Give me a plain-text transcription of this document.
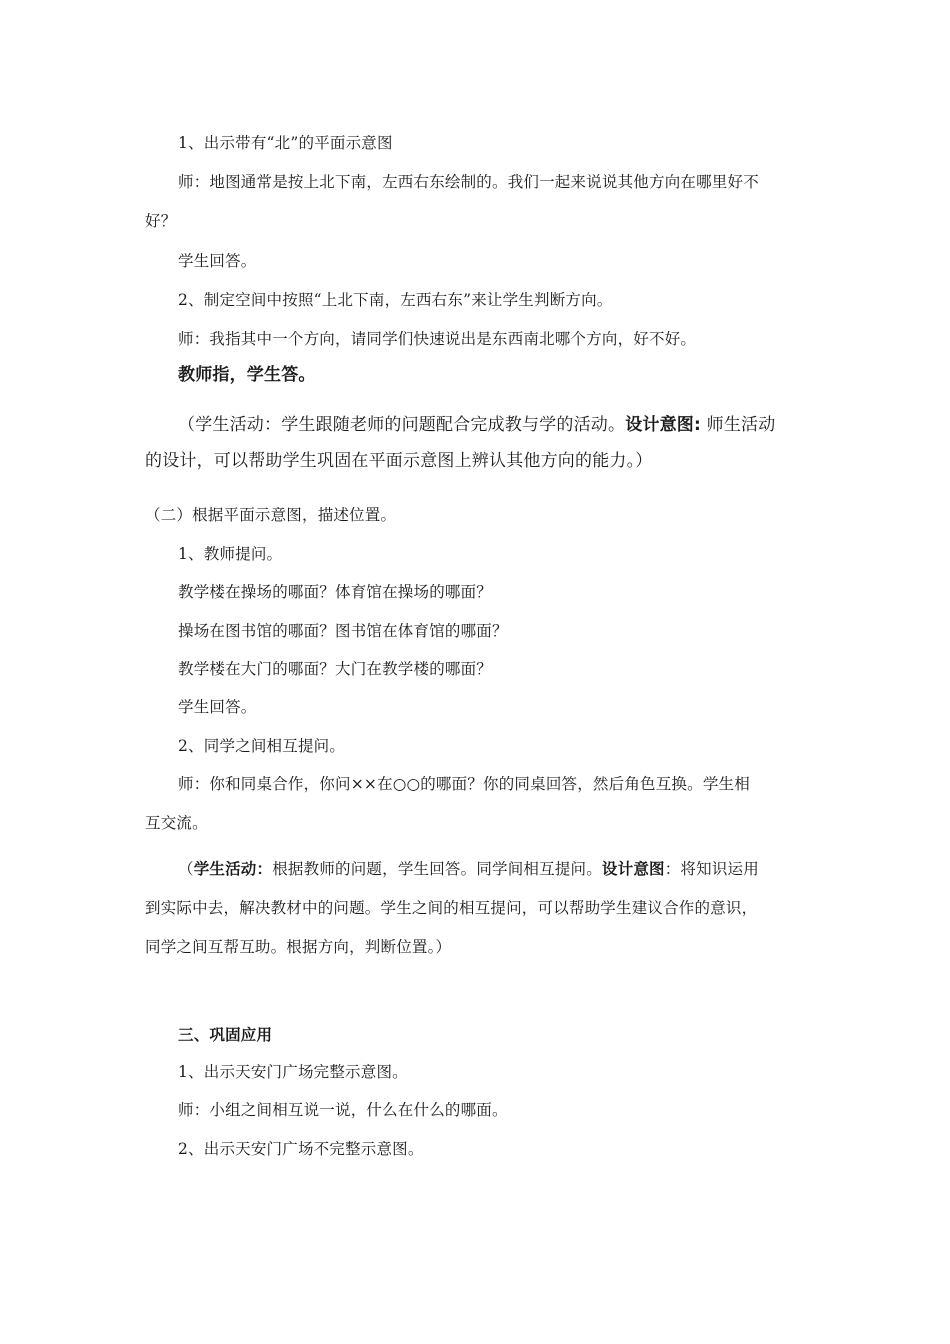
1、出示带有“北”的平面示意图
师：地图通常是按上北下南，左西右东绘制的。我们一起来说说其他方向在哪里好不
好？
学生回答。
2、制定空间中按照“上北下南，左西右东”来让学生判断方向。
师：我指其中一个方向，请同学们快速说出是东西南北哪个方向，好不好。
教师指，学生答。
（学生活动：学生跟随老师的问题配合完成教与学的活动。设计意图: 师生活动
的设计，可以帮助学生巩固在平面示意图上辨认其他方向的能力。）
（二）根据平面示意图，描述位置。
1、教师提问。
教学楼在操场的哪面？体育馆在操场的哪面？
操场在图书馆的哪面？图书馆在体育馆的哪面？
教学楼在大门的哪面？大门在教学楼的哪面？
学生回答。
2、同学之间相互提问。
师：你和同桌合作，你问××在○○的哪面？你的同桌回答，然后角色互换。学生相
互交流。
（学生活动：根据教师的问题，学生回答。同学间相互提问。设计意图：将知识运用
到实际中去，解决教材中的问题。学生之间的相互提问，可以帮助学生建议合作的意识，
同学之间互帮互助。根据方向，判断位置。）
三、巩固应用
1、出示天安门广场完整示意图。
师：小组之间相互说一说，什么在什么的哪面。
2、出示天安门广场不完整示意图。
